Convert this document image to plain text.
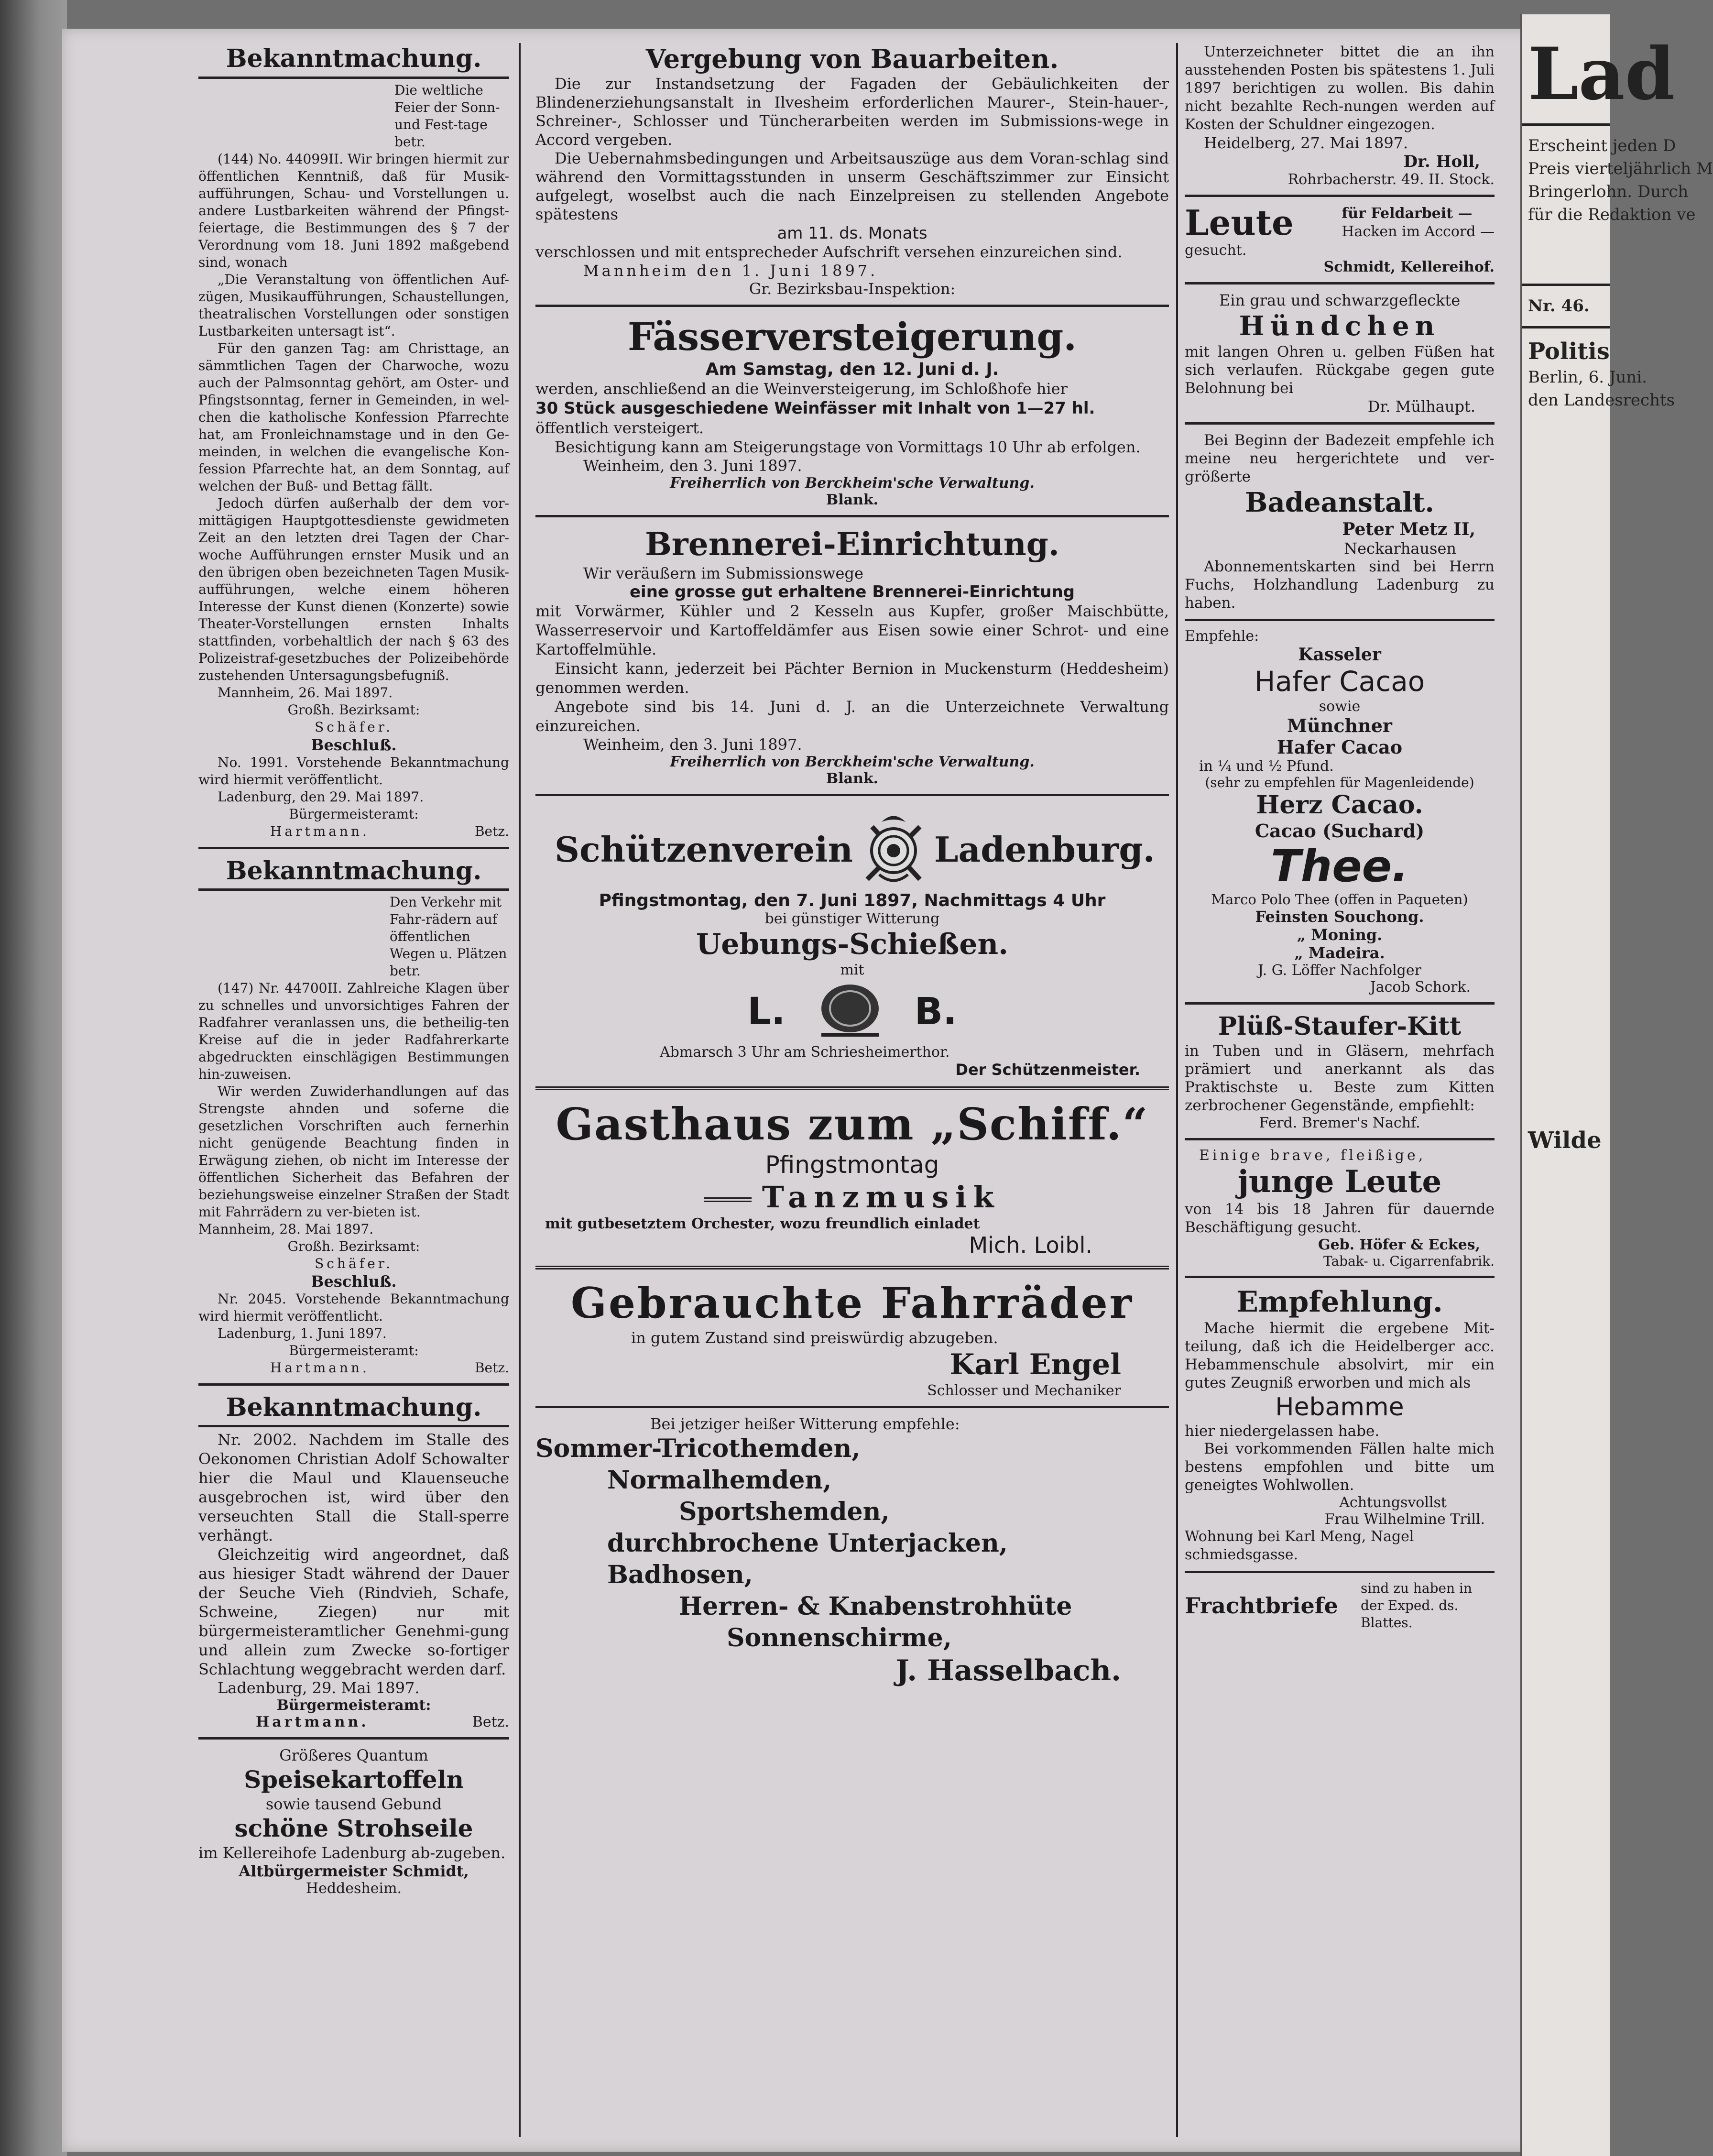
Bekanntmachung.
Die weltliche Feier der Sonn- und Fest-tage betr.

(144) No. 44099II. Wir bringen hiermit zur öffentlichen Kenntniß, daß für Musik-aufführungen, Schau- und Vorstellungen u. andere Lustbarkeiten während der Pfingst-feiertage, die Bestimmungen des § 7 der Verordnung vom 18. Juni 1892 maßgebend sind, wonach

„Die Veranstaltung von öffentlichen Auf-zügen, Musikaufführungen, Schaustellungen, theatralischen Vorstellungen oder sonstigen Lustbarkeiten untersagt ist“.

Für den ganzen Tag: am Christtage, an sämmtlichen Tagen der Charwoche, wozu auch der Palmsonntag gehört, am Oster- und Pfingstsonntag, ferner in Gemeinden, in wel-chen die katholische Konfession Pfarrechte hat, am Fronleichnamstage und in den Ge-meinden, in welchen die evangelische Kon-fession Pfarrechte hat, an dem Sonntag, auf welchen der Buß- und Bettag fällt.

Jedoch dürfen außerhalb der dem vor-mittägigen Hauptgottesdienste gewidmeten Zeit an den letzten drei Tagen der Char-woche Aufführungen ernster Musik und an den übrigen oben bezeichneten Tagen Musik-aufführungen, welche einem höheren Interesse der Kunst dienen (Konzerte) sowie Theater-Vorstellungen ernsten Inhalts stattfinden, vorbehaltlich der nach § 63 des Polizeistraf-gesetzbuches der Polizeibehörde zustehenden Untersagungsbefugniß.

Mannheim, 26. Mai 1897.
Großh. Bezirksamt:
Schäfer.
Beschluß.

No. 1991. Vorstehende Bekanntmachung wird hiermit veröffentlicht.

Ladenburg, den 29. Mai 1897.
Bürgermeisteramt:
Hartmann.	Betz.
Bekanntmachung.
Den Verkehr mit Fahr-rädern auf öffentlichen Wegen u. Plätzen betr.

(147) Nr. 44700II. Zahlreiche Klagen über zu schnelles und unvorsichtiges Fahren der Radfahrer veranlassen uns, die betheilig-ten Kreise auf die in jeder Radfahrerkarte abgedruckten einschlägigen Bestimmungen hin-zuweisen.

Wir werden Zuwiderhandlungen auf das Strengste ahnden und soferne die gesetzlichen Vorschriften auch fernerhin nicht genügende Beachtung finden in Erwägung ziehen, ob nicht im Interesse der öffentlichen Sicherheit das Befahren der beziehungsweise einzelner Straßen der Stadt mit Fahrrädern zu ver-bieten ist.

Mannheim, 28. Mai 1897.
Großh. Bezirksamt:
Schäfer.
Beschluß.

Nr. 2045. Vorstehende Bekanntmachung wird hiermit veröffentlicht.

Ladenburg, 1. Juni 1897.
Bürgermeisteramt:
Hartmann.	Betz.
Bekanntmachung.

Nr. 2002. Nachdem im Stalle des Oekonomen Christian Adolf Schowalter hier die Maul und Klauenseuche ausgebrochen ist, wird über den verseuchten Stall die Stall-sperre verhängt.

Gleichzeitig wird angeordnet, daß aus hiesiger Stadt während der Dauer der Seuche Vieh (Rindvieh, Schafe, Schweine, Ziegen) nur mit bürgermeisteramtlicher Genehmi-gung und allein zum Zwecke so-fortiger Schlachtung weggebracht werden darf.

Ladenburg, 29. Mai 1897.
Bürgermeisteramt:
Hartmann.	Betz.
Größeres Quantum
Speisekartoffeln
sowie tausend Gebund
schöne Strohseile
im Kellereihofe Ladenburg ab-zugeben.
Altbürgermeister Schmidt,
Heddesheim.
Vergebung von Bauarbeiten.

Die zur Instandsetzung der Fagaden der Gebäulichkeiten der Blindenerziehungsanstalt in Ilvesheim erforderlichen Maurer-, Stein-hauer-, Schreiner-, Schlosser und Tüncherarbeiten werden im Submissions-wege in Accord vergeben.

Die Uebernahmsbedingungen und Arbeitsauszüge aus dem Voran-schlag sind während den Vormittagsstunden in unserm Geschäftszimmer zur Einsicht aufgelegt, woselbst auch die nach Einzelpreisen zu stellenden Angebote spätestens

am 11. ds. Monats

verschlossen und mit entsprecheder Aufschrift versehen einzureichen sind.

Mannheim den 1. Juni 1897.
Gr. Bezirksbau-Inspektion:
Fässerversteigerung.
Am Samstag, den 12. Juni d. J.
werden, anschließend an die Weinversteigerung, im Schloßhofe hier
30 Stück ausgeschiedene Weinfässer mit Inhalt von 1—27 hl.
öffentlich versteigert.

Besichtigung kann am Steigerungstage von Vormittags 10 Uhr ab erfolgen.

Weinheim, den 3. Juni 1897.
Freiherrlich von Berckheim'sche Verwaltung.
Blank.
Brennerei-Einrichtung.
Wir veräußern im Submissionswege
eine grosse gut erhaltene Brennerei-Einrichtung

mit Vorwärmer, Kühler und 2 Kesseln aus Kupfer, großer Maischbütte, Wasserreservoir und Kartoffeldämfer aus Eisen sowie einer Schrot- und eine Kartoffelmühle.

Einsicht kann, jederzeit bei Pächter Bernion in Muckensturm (Heddesheim) genommen werden.

Angebote sind bis 14. Juni d. J. an die Unterzeichnete Verwaltung einzureichen.

Weinheim, den 3. Juni 1897.
Freiherrlich von Berckheim'sche Verwaltung.
Blank.
Schützenverein Ladenburg.
Pfingstmontag, den 7. Juni 1897, Nachmittags 4 Uhr
bei günstiger Witterung
Uebungs-Schießen.
mit
L.	B.
Abmarsch 3 Uhr am Schriesheimerthor.
Der Schützenmeister.
Gasthaus zum „Schiff.“
Pfingstmontag
Tanzmusik
mit gutbesetztem Orchester, wozu freundlich einladet
Mich. Loibl.
Gebrauchte Fahrräder
in gutem Zustand sind preiswürdig abzugeben.
Karl Engel
Schlosser und Mechaniker
Bei jetziger heißer Witterung empfehle:
Sommer-Tricothemden,
Normalhemden,
Sportshemden,
durchbrochene Unterjacken,
Badhosen,
Herren- & Knabenstrohhüte
Sonnenschirme,
J. Hasselbach.

Unterzeichneter bittet die an ihn ausstehenden Posten bis spätestens 1. Juli 1897 berichtigen zu wollen. Bis dahin nicht bezahlte Rech-nungen werden auf Kosten der Schuldner eingezogen.

Heidelberg, 27. Mai 1897.
Dr. Holl,
Rohrbacherstr. 49. II. Stock.
Leute	für Feldarbeit —
Hacken im Accord —
gesucht.
Schmidt, Kellereihof.
Ein grau und schwarzgefleckte
Hündchen

mit langen Ohren u. gelben Füßen hat sich verlaufen. Rückgabe gegen gute Belohnung bei

Dr. Mülhaupt.

Bei Beginn der Badezeit empfehle ich meine neu hergerichtete und ver-größerte

Badeanstalt.
Peter Metz II,
Neckarhausen

Abonnementskarten sind bei Herrn Fuchs, Holzhandlung Ladenburg zu haben.

Empfehle:
Kasseler
Hafer Cacao
sowie
Münchner
Hafer Cacao
in ¼ und ½ Pfund.
(sehr zu empfehlen für Magenleidende)
Herz Cacao.
Cacao (Suchard)
Thee.
Marco Polo Thee (offen in Paqueten)
Feinsten Souchong.
„ Moning.
„ Madeira.
J. G. Löffer Nachfolger
Jacob Schork.
Plüß-Staufer-Kitt

in Tuben und in Gläsern, mehrfach prämiert und anerkannt als das Praktischste u. Beste zum Kitten zerbrochener Gegenstände, empfiehlt:

Ferd. Bremer's Nachf.
Einige brave, fleißige,
junge Leute

von 14 bis 18 Jahren für dauernde Beschäftigung gesucht.

Geb. Höfer & Eckes,
Tabak- u. Cigarrenfabrik.
Empfehlung.

Mache hiermit die ergebene Mit-teilung, daß ich die Heidelberger acc. Hebammenschule absolvirt, mir ein gutes Zeugniß erworben und mich als

Hebamme
hier niedergelassen habe.

Bei vorkommenden Fällen halte mich bestens empfohlen und bitte um geneigtes Wohlwollen.

Achtungsvollst
Frau Wilhelmine Trill.
Wohnung bei Karl Meng, Nagel schmiedsgasse.
Frachtbriefe
sind zu haben in der Exped. ds. Blattes.
Lad
Erscheint jeden D
Preis vierteljährlich M
Bringerlohn. Durch
für die Redaktion ve
Nr. 46.
Politis
Berlin, 6. Juni.
den Landesrechts
Wilde
